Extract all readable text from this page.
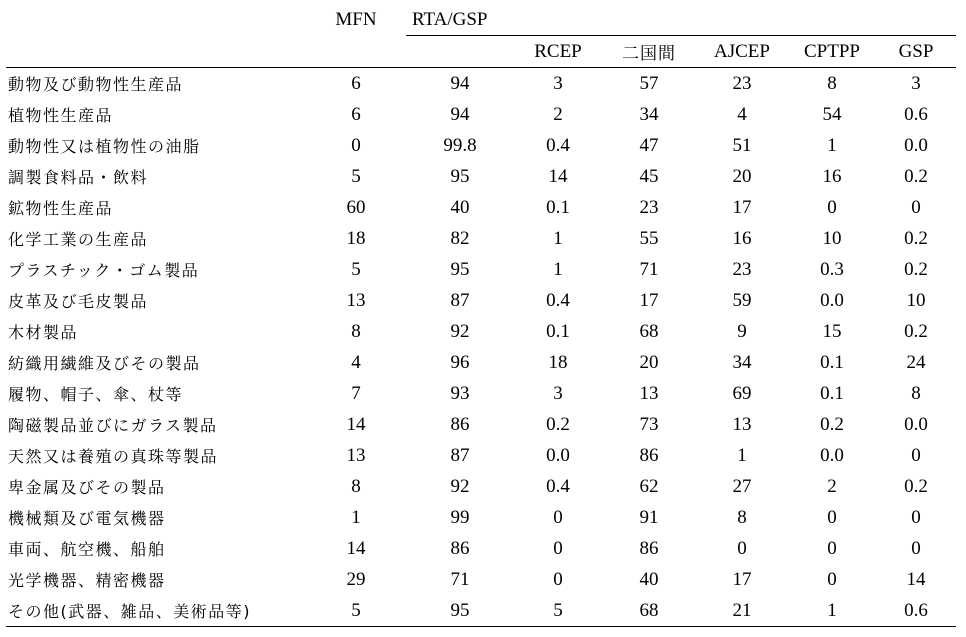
	MFN	RTA/GSP					
			RCEP	二国間	AJCEP	CPTPP	GSP
動物及び動物性生産品	6	94	3	57	23	8	3
植物性生産品	6	94	2	34	4	54	0.6
動物性又は植物性の油脂	0	99.8	0.4	47	51	1	0.0
調製食料品・飲料	5	95	14	45	20	16	0.2
鉱物性生産品	60	40	0.1	23	17	0	0
化学工業の生産品	18	82	1	55	16	10	0.2
プラスチック・ゴム製品	5	95	1	71	23	0.3	0.2
皮革及び毛皮製品	13	87	0.4	17	59	0.0	10
木材製品	8	92	0.1	68	9	15	0.2
紡織用繊維及びその製品	4	96	18	20	34	0.1	24
履物、帽子、傘、杖等	7	93	3	13	69	0.1	8
陶磁製品並びにガラス製品	14	86	0.2	73	13	0.2	0.0
天然又は養殖の真珠等製品	13	87	0.0	86	1	0.0	0
卑金属及びその製品	8	92	0.4	62	27	2	0.2
機械類及び電気機器	1	99	0	91	8	0	0
車両、航空機、船舶	14	86	0	86	0	0	0
光学機器、精密機器	29	71	0	40	17	0	14
その他(武器、雑品、美術品等)	5	95	5	68	21	1	0.6
